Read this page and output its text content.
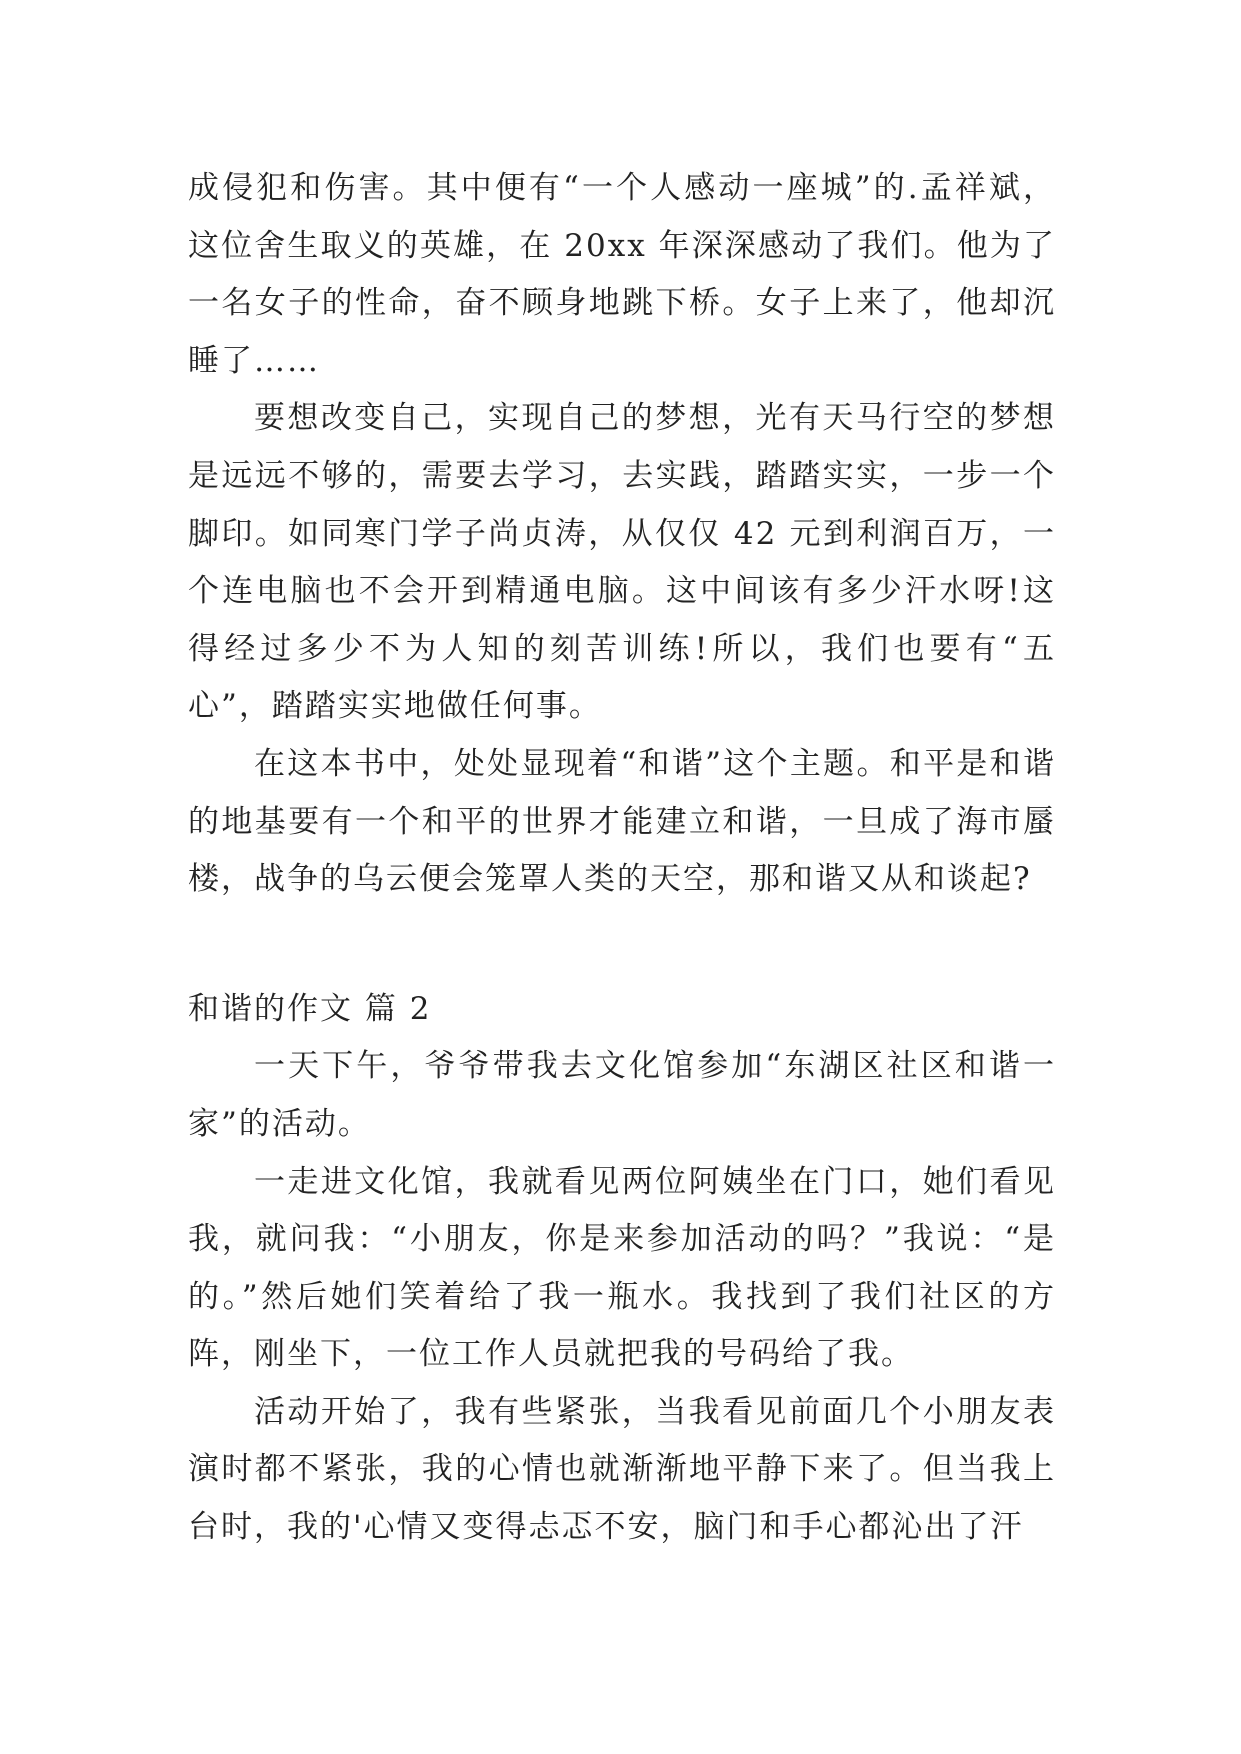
成侵犯和伤害。其中便有“一个人感动一座城”的.孟祥斌，这位舍生取义的英雄，在 20xx 年深深感动了我们。他为了一名女子的性命，奋不顾身地跳下桥。女子上来了，他却沉睡了……

要想改变自己，实现自己的梦想，光有天马行空的梦想是远远不够的，需要去学习，去实践，踏踏实实，一步一个脚印。如同寒门学子尚贞涛，从仅仅 42 元到利润百万，一个连电脑也不会开到精通电脑。这中间该有多少汗水呀!这得经过多少不为人知的刻苦训练!所以，我们也要有“五心”，踏踏实实地做任何事。

在这本书中，处处显现着“和谐”这个主题。和平是和谐的地基要有一个和平的世界才能建立和谐，一旦成了海市蜃楼，战争的乌云便会笼罩人类的天空，那和谐又从和谈起?

和谐的作文 篇 2

一天下午，爷爷带我去文化馆参加“东湖区社区和谐一家”的活动。

一走进文化馆，我就看见两位阿姨坐在门口，她们看见我，就问我：“小朋友，你是来参加活动的吗？”我说：“是的。”然后她们笑着给了我一瓶水。我找到了我们社区的方阵，刚坐下，一位工作人员就把我的号码给了我。

活动开始了，我有些紧张，当我看见前面几个小朋友表演时都不紧张，我的心情也就渐渐地平静下来了。但当我上台时，我的'心情又变得忐忑不安，脑门和手心都沁出了汗
